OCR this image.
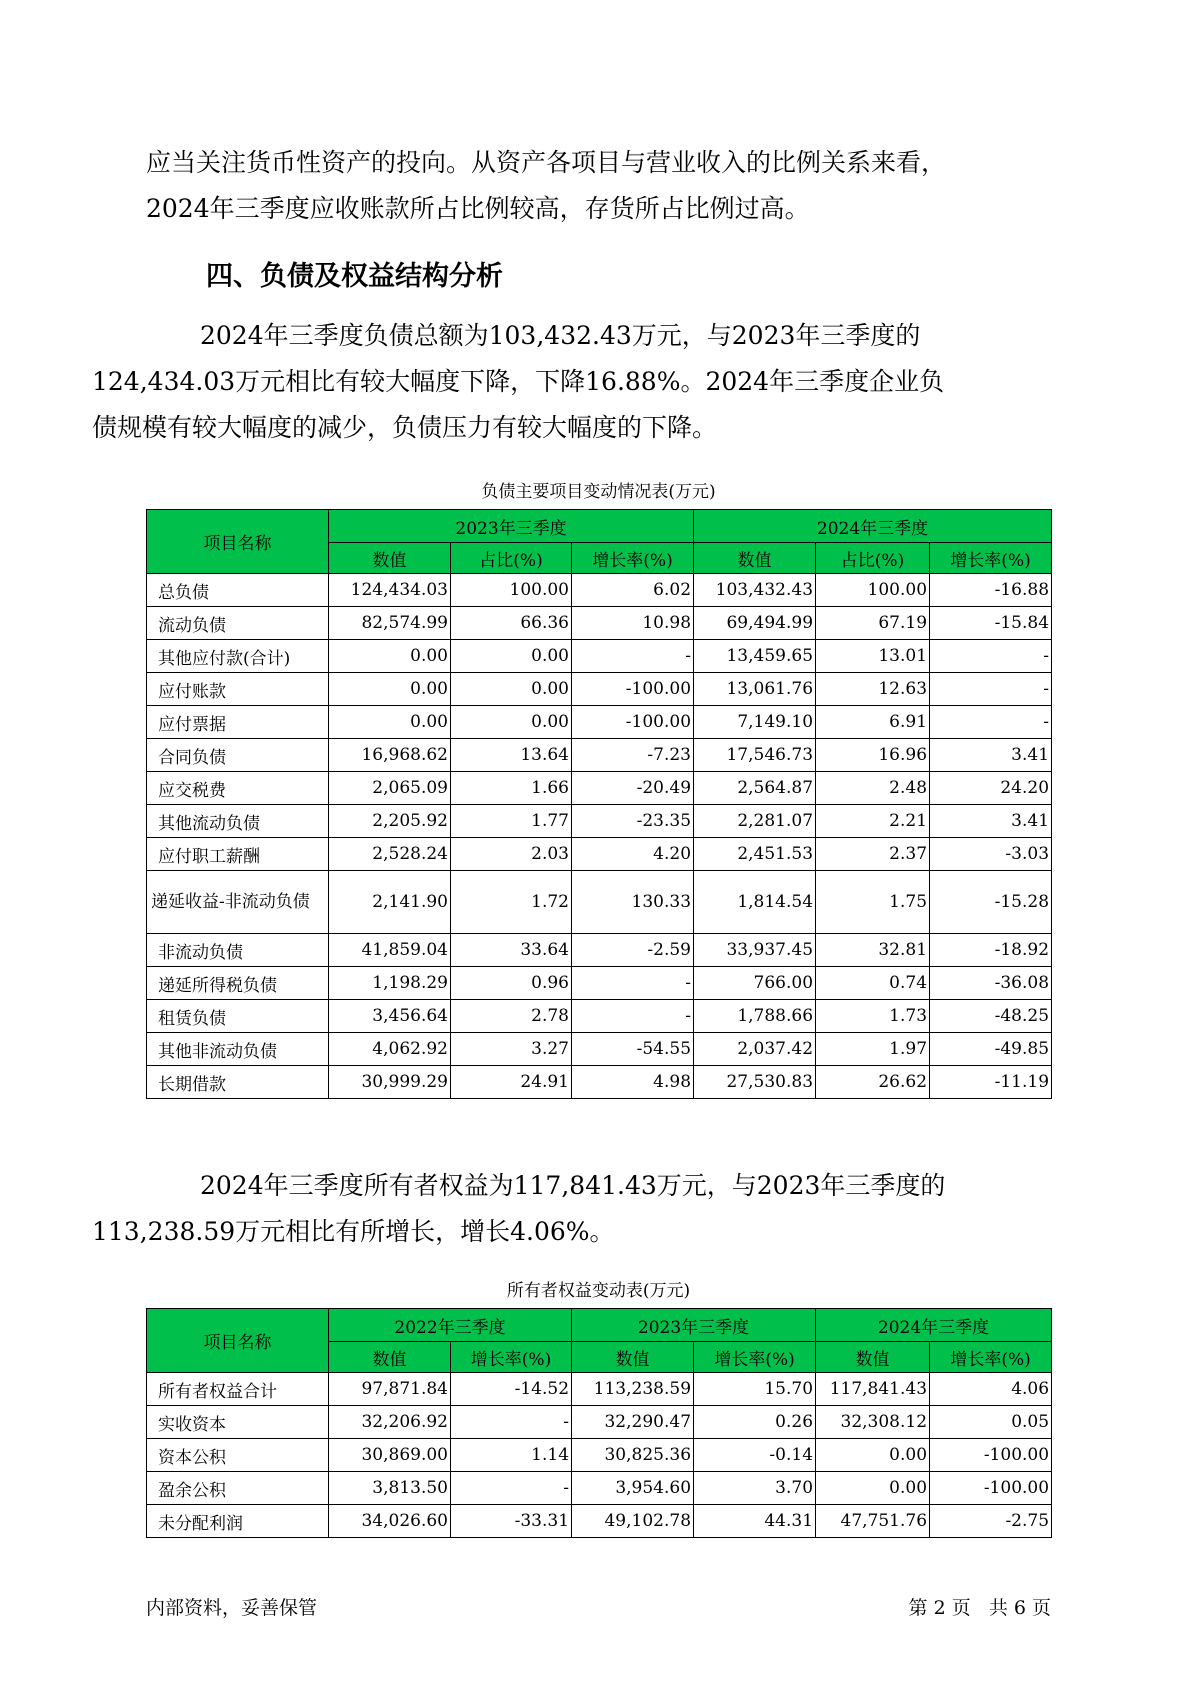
应当关注货币性资产的投向。从资产各项目与营业收入的比例关系来看，
2024年三季度应收账款所占比例较高，存货所占比例过高。

四、负债及权益结构分析

2024年三季度负债总额为103,432.43万元，与2023年三季度的
124,434.03万元相比有较大幅度下降，下降16.88%。2024年三季度企业负
债规模有较大幅度的减少，负债压力有较大幅度的下降。

负债主要项目变动情况表(万元)
项目名称	2023年三季度			2024年三季度		
	数值	占比(%)	增长率(%)	数值	占比(%)	增长率(%)
总负债	124,434.03	100.00	6.02	103,432.43	100.00	-16.88
流动负债	82,574.99	66.36	10.98	69,494.99	67.19	-15.84
其他应付款(合计)	0.00	0.00	-	13,459.65	13.01	-
应付账款	0.00	0.00	-100.00	13,061.76	12.63	-
应付票据	0.00	0.00	-100.00	7,149.10	6.91	-
合同负债	16,968.62	13.64	-7.23	17,546.73	16.96	3.41
应交税费	2,065.09	1.66	-20.49	2,564.87	2.48	24.20
其他流动负债	2,205.92	1.77	-23.35	2,281.07	2.21	3.41
应付职工薪酬	2,528.24	2.03	4.20	2,451.53	2.37	-3.03
递延收益-非流动负债	2,141.90	1.72	130.33	1,814.54	1.75	-15.28
非流动负债	41,859.04	33.64	-2.59	33,937.45	32.81	-18.92
递延所得税负债	1,198.29	0.96	-	766.00	0.74	-36.08
租赁负债	3,456.64	2.78	-	1,788.66	1.73	-48.25
其他非流动负债	4,062.92	3.27	-54.55	2,037.42	1.97	-49.85
长期借款	30,999.29	24.91	4.98	27,530.83	26.62	-11.19

2024年三季度所有者权益为117,841.43万元，与2023年三季度的
113,238.59万元相比有所增长，增长4.06%。

所有者权益变动表(万元)
项目名称	2022年三季度		2023年三季度		2024年三季度	
	数值	增长率(%)	数值	增长率(%)	数值	增长率(%)
所有者权益合计	97,871.84	-14.52	113,238.59	15.70	117,841.43	4.06
实收资本	32,206.92	-	32,290.47	0.26	32,308.12	0.05
资本公积	30,869.00	1.14	30,825.36	-0.14	0.00	-100.00
盈余公积	3,813.50	-	3,954.60	3.70	0.00	-100.00
未分配利润	34,026.60	-33.31	49,102.78	44.31	47,751.76	-2.75
内部资料，妥善保管	第 2 页   共 6 页
